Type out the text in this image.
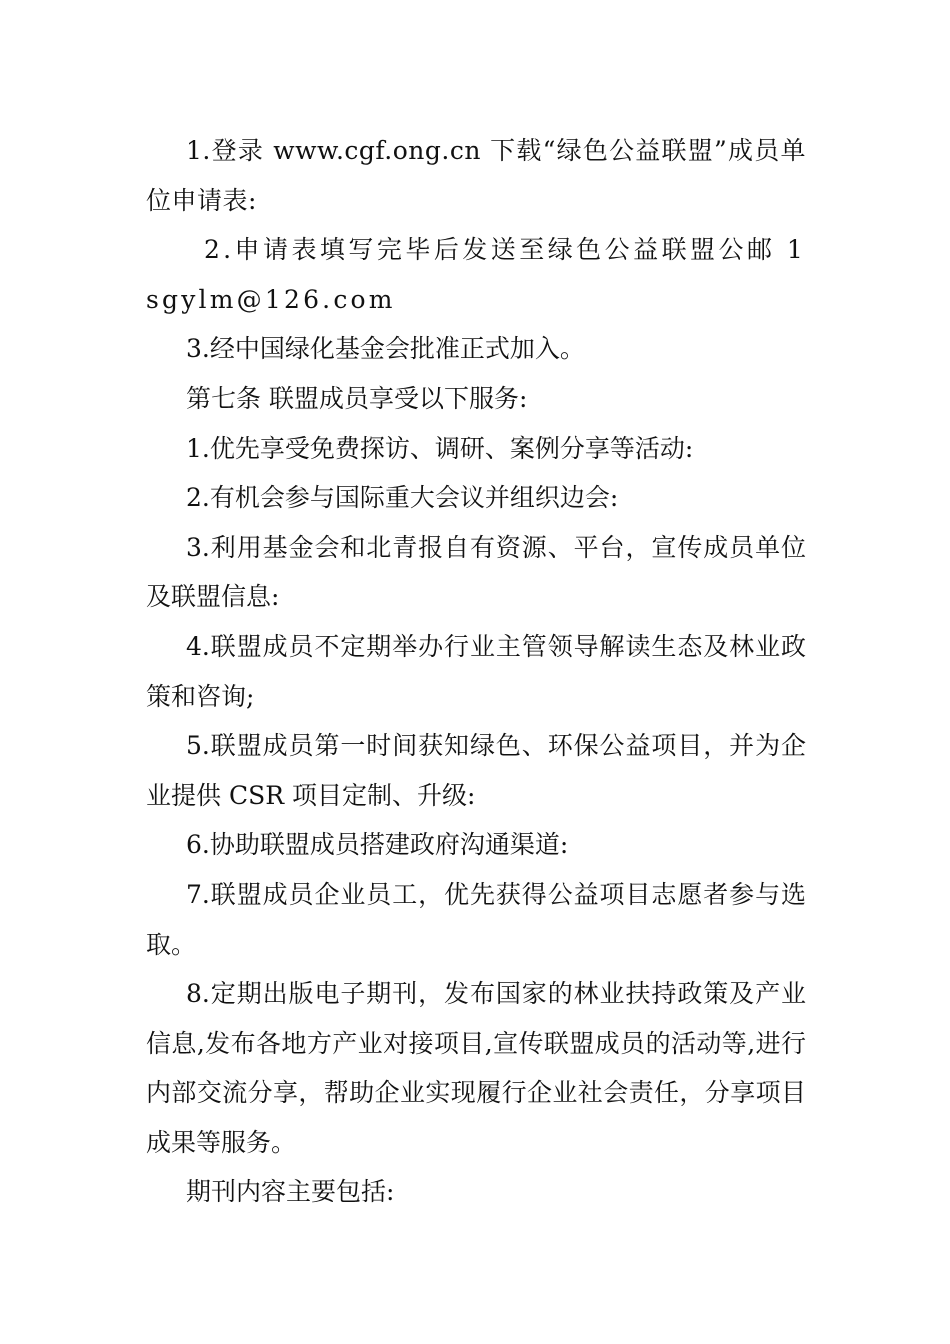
1.登录 www.cgf.ong.cn 下载“绿色公益联盟”成员单位申请表:

2.申请表填写完毕后发送至绿色公益联盟公邮 1sgylm@126.com

3.经中国绿化基金会批准正式加入。

第七条 联盟成员享受以下服务:

1.优先享受免费探访、调研、案例分享等活动:

2.有机会参与国际重大会议并组织边会:

3.利用基金会和北青报自有资源、平台，宣传成员单位及联盟信息:

4.联盟成员不定期举办行业主管领导解读生态及林业政策和咨询;

5.联盟成员第一时间获知绿色、环保公益项目，并为企业提供 CSR 项目定制、升级:

6.协助联盟成员搭建政府沟通渠道:

7.联盟成员企业员工，优先获得公益项目志愿者参与选取。

8.定期出版电子期刊，发布国家的林业扶持政策及产业信息,发布各地方产业对接项目,宣传联盟成员的活动等,进行内部交流分享，帮助企业实现履行企业社会责任，分享项目成果等服务。

期刊内容主要包括:
